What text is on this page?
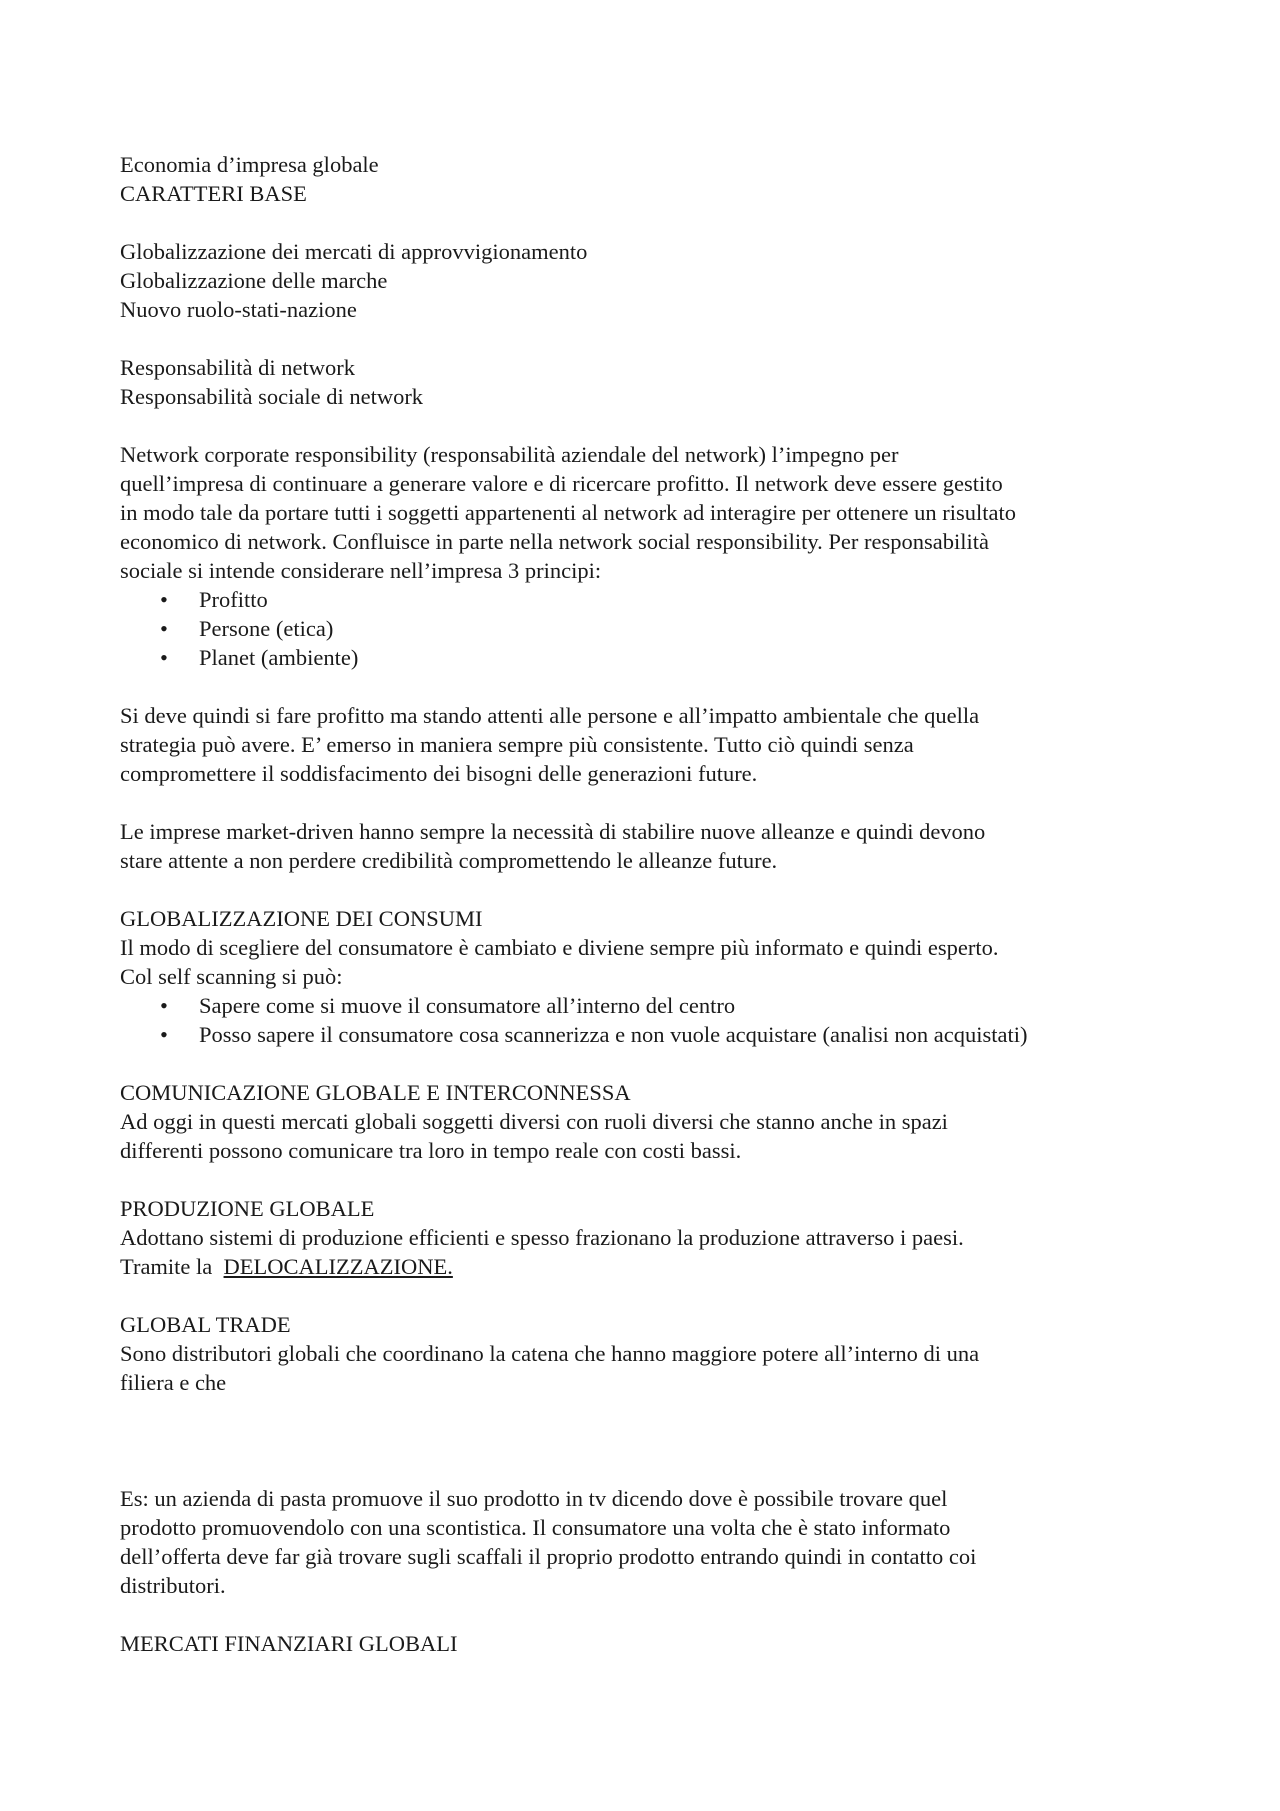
Economia d’impresa globale

CARATTERI BASE

Globalizzazione dei mercati di approvvigionamento

Globalizzazione delle marche

Nuovo ruolo-stati-nazione

Responsabilità di network

Responsabilità sociale di network

Network corporate responsibility (responsabilità aziendale del network) l’impegno per

quell’impresa di continuare a generare valore e di ricercare profitto. Il network deve essere gestito

in modo tale da portare tutti i soggetti appartenenti al network ad interagire per ottenere un risultato

economico di network. Confluisce in parte nella network social responsibility. Per responsabilità

sociale si intende considerare nell’impresa 3 principi:

• Profitto
• Persone (etica)
• Planet (ambiente)

Si deve quindi si fare profitto ma stando attenti alle persone e all’impatto ambientale che quella

strategia può avere. E’ emerso in maniera sempre più consistente. Tutto ciò quindi senza

compromettere il soddisfacimento dei bisogni delle generazioni future.

Le imprese market-driven hanno sempre la necessità di stabilire nuove alleanze e quindi devono

stare attente a non perdere credibilità compromettendo le alleanze future.

GLOBALIZZAZIONE DEI CONSUMI

Il modo di scegliere del consumatore è cambiato e diviene sempre più informato e quindi esperto.

Col self scanning si può:

• Sapere come si muove il consumatore all’interno del centro
• Posso sapere il consumatore cosa scannerizza e non vuole acquistare (analisi non acquistati)

COMUNICAZIONE GLOBALE E INTERCONNESSA

Ad oggi in questi mercati globali soggetti diversi con ruoli diversi che stanno anche in spazi

differenti possono comunicare tra loro in tempo reale con costi bassi.

PRODUZIONE GLOBALE

Adottano sistemi di produzione efficienti e spesso frazionano la produzione attraverso i paesi.

Tramite la DELOCALIZZAZIONE.

GLOBAL TRADE

Sono distributori globali che coordinano la catena che hanno maggiore potere all’interno di una

filiera e che

Es: un azienda di pasta promuove il suo prodotto in tv dicendo dove è possibile trovare quel

prodotto promuovendolo con una scontistica. Il consumatore una volta che è stato informato

dell’offerta deve far già trovare sugli scaffali il proprio prodotto entrando quindi in contatto coi

distributori.

MERCATI FINANZIARI GLOBALI
